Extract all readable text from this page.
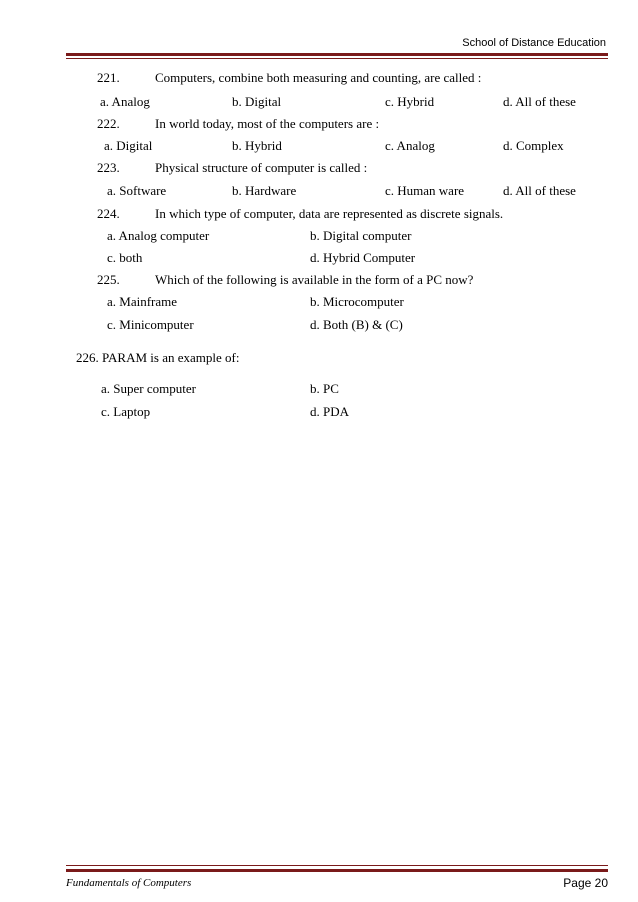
School of Distance Education
221.	Computers, combine both measuring and counting, are called :
a. Analog	b. Digital	c. Hybrid	d. All of these
222.	In world today, most of the computers are :
a. Digital	b. Hybrid	c. Analog	d. Complex
223.	Physical structure of computer is called :
a. Software	b. Hardware	c. Human ware	d. All of these
224.	In which type of computer, data are represented as discrete signals.
a. Analog computer	b. Digital computer
c. both	d. Hybrid Computer
225.	Which of the following is available in the form of a PC now?
a. Mainframe	b. Microcomputer
c. Minicomputer	d. Both (B) & (C)
226. PARAM is an example of:
a. Super computer	b. PC
c. Laptop	d. PDA
Fundamentals of Computers	Page 20
